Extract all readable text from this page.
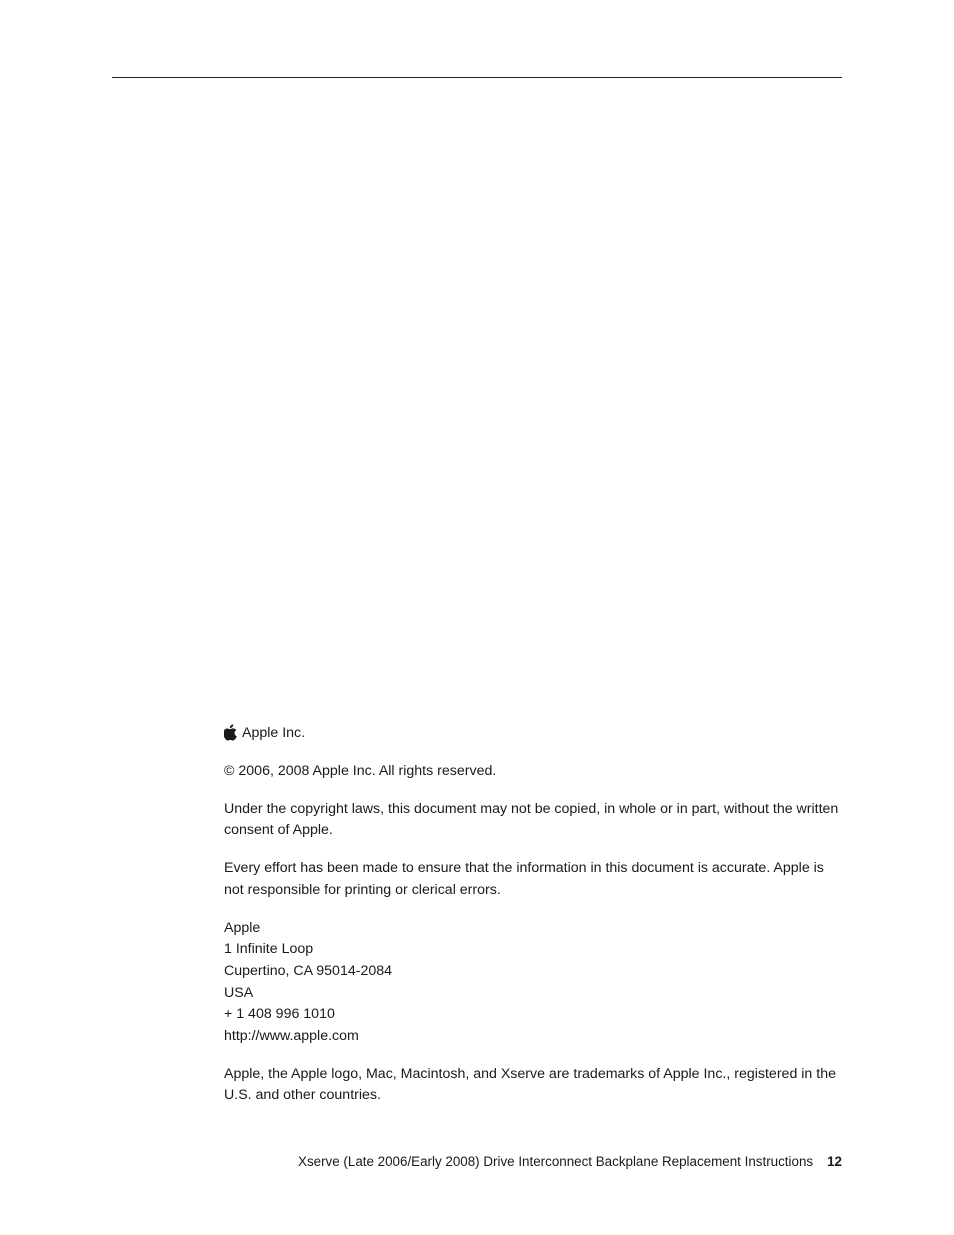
Apple Inc.

© 2006, 2008 Apple Inc. All rights reserved.

Under the copyright laws, this document may not be copied, in whole or in part, without the written consent of Apple.

Every effort has been made to ensure that the information in this document is accurate. Apple is not responsible for printing or clerical errors.

Apple
1 Infinite Loop
Cupertino, CA 95014-2084
USA
+ 1 408 996 1010
http://www.apple.com

Apple, the Apple logo, Mac, Macintosh, and Xserve are trademarks of Apple Inc., registered in the U.S. and other countries.

Xserve (Late 2006/Early 2008) Drive Interconnect Backplane Replacement Instructions 12
